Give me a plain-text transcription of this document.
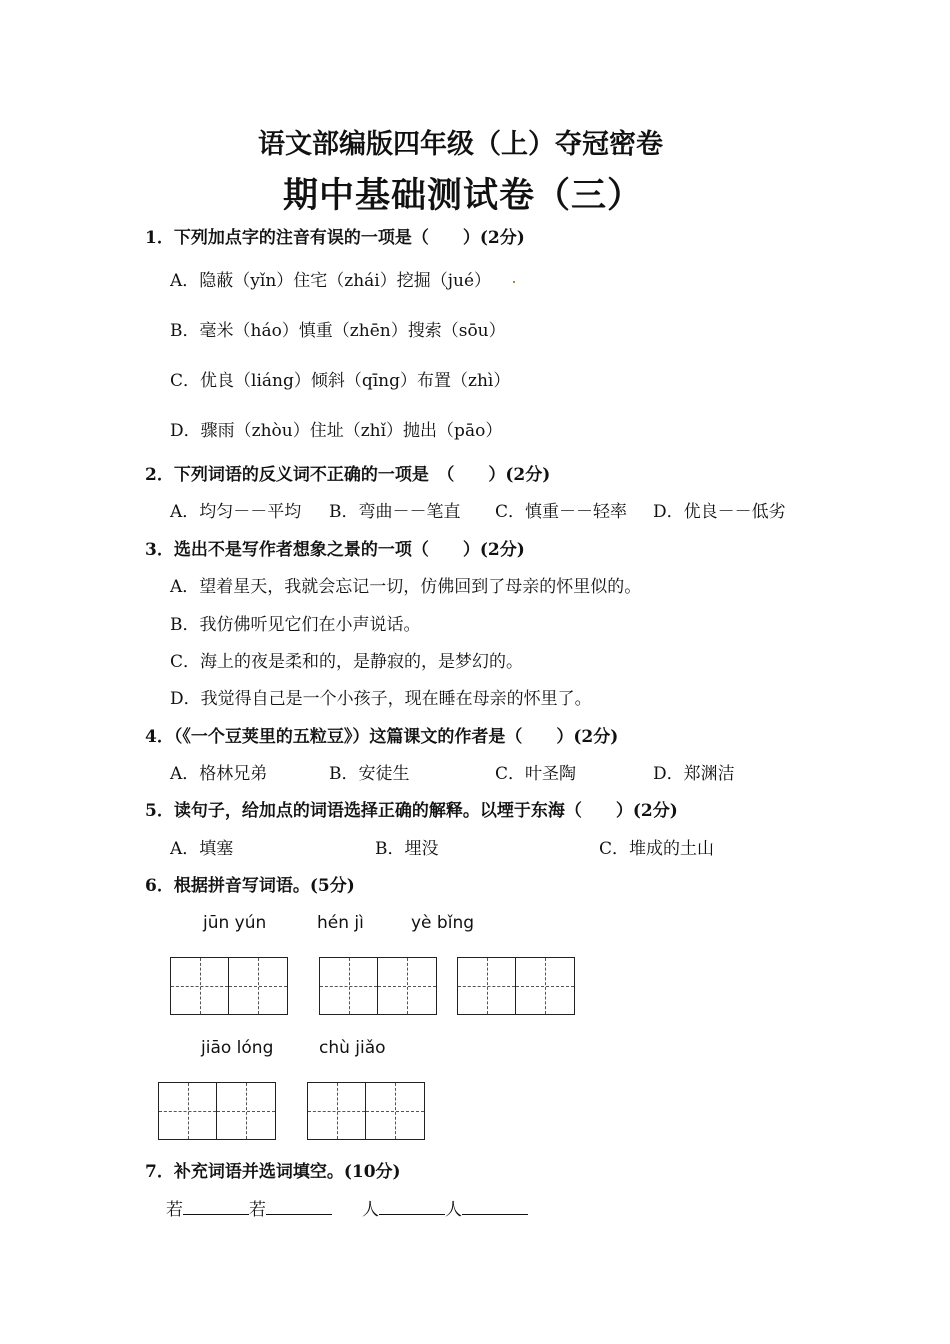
语文部编版四年级（上）夺冠密卷
期中基础测试卷（三）
1．下列加点字的注音有误的一项是（　　）(2分)
A．隐蔽（yǐn）住宅（zhái）挖掘（jué）
B．毫米（háo）慎重（zhēn）搜索（sōu）
C．优良（liáng）倾斜（qīng）布置（zhì）
D．骤雨（zhòu）住址（zhǐ）抛出（pāo）
2．下列词语的反义词不正确的一项是　（　　）(2分)
A．均匀－－平均 B．弯曲－－笔直 C．慎重－－轻率 D．优良－－低劣
3．选出不是写作者想象之景的一项（　　）(2分)
A．望着星天，我就会忘记一切，仿佛回到了母亲的怀里似的。
B．我仿佛听见它们在小声说话。
C．海上的夜是柔和的，是静寂的，是梦幻的。
D．我觉得自己是一个小孩子，现在睡在母亲的怀里了。
4．（《一个豆荚里的五粒豆》）这篇课文的作者是（　　）(2分)
A．格林兄弟	B．安徒生	C．叶圣陶	D．郑渊洁
5．读句子，给加点的词语选择正确的解释。以堙于东海（　　）(2分)
A．填塞	B．埋没	C．堆成的土山
6．根据拼音写词语。(5分)
jūn yún	hén jì	yè bǐng
jiāo lóng	chù jiǎo
7．补充词语并选词填空。(10分)
若	若	人	人
